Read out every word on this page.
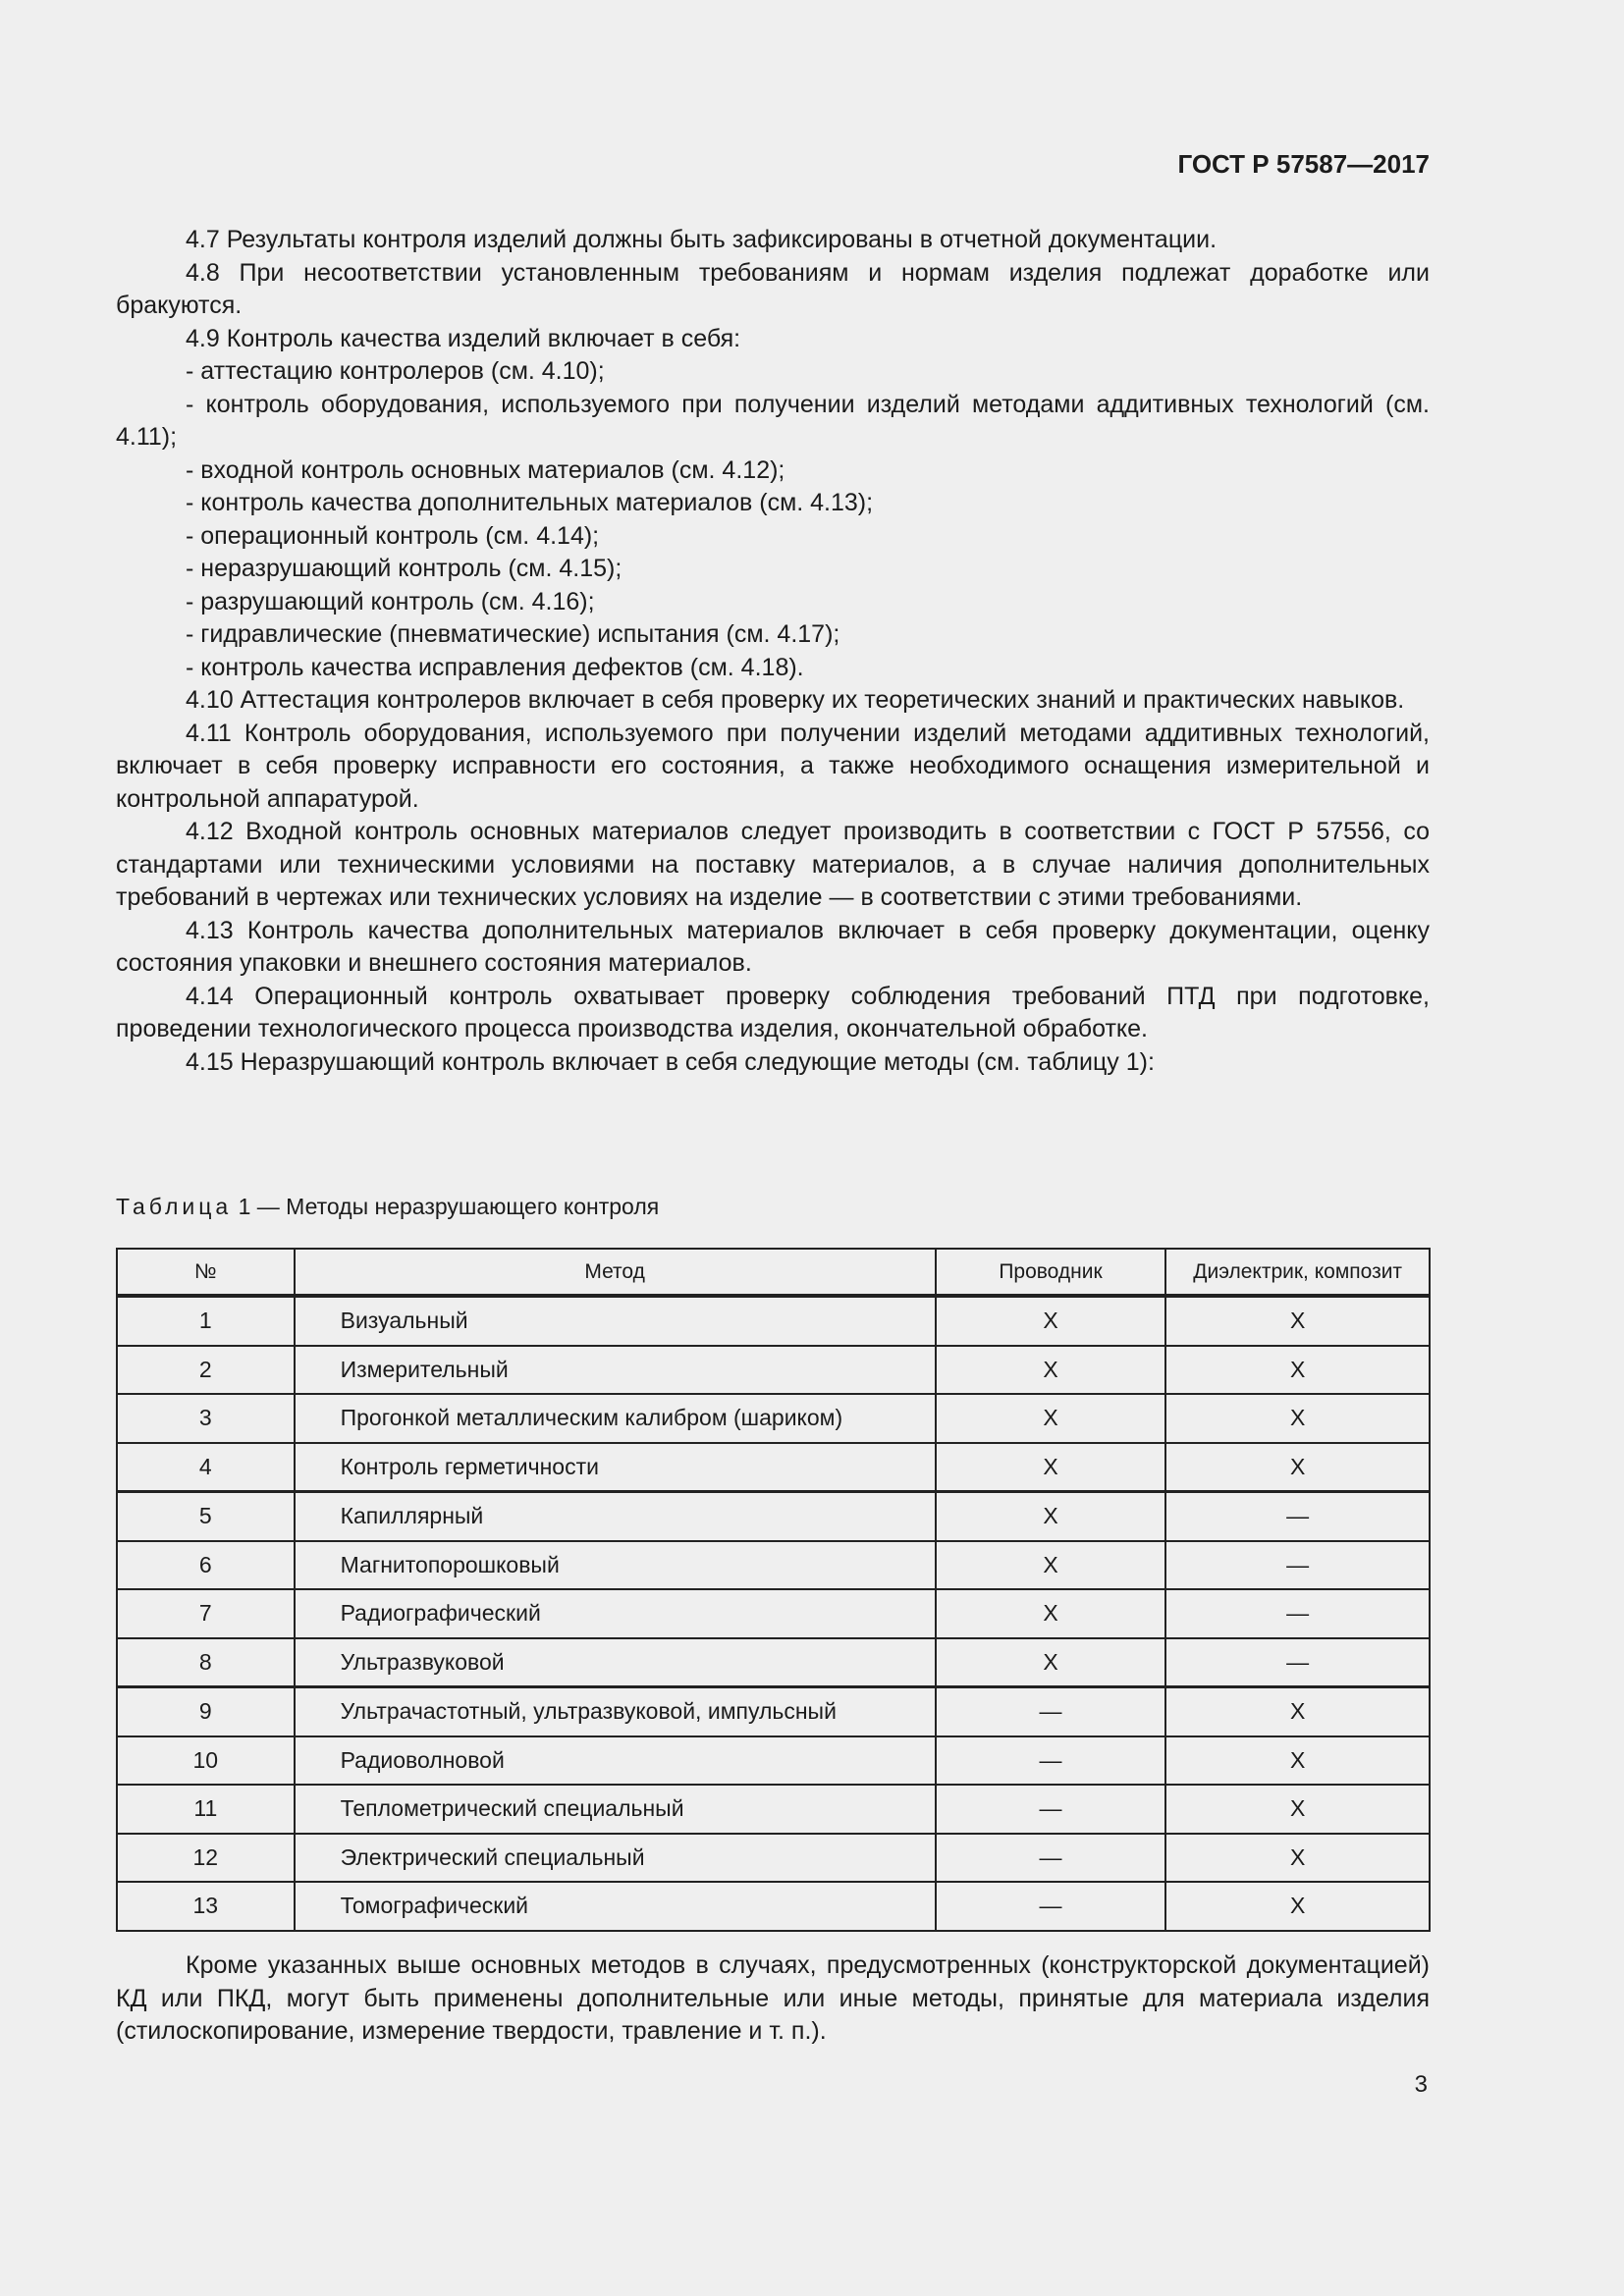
ГОСТ Р 57587—2017

4.7 Результаты контроля изделий должны быть зафиксированы в отчетной документации.

4.8 При несоответствии установленным требованиям и нормам изделия подлежат доработке или бракуются.

4.9 Контроль качества изделий включает в себя:

- аттестацию контролеров (см. 4.10);

- контроль оборудования, используемого при получении изделий методами аддитивных технологий (см. 4.11);

- входной контроль основных материалов (см. 4.12);

- контроль качества дополнительных материалов (см. 4.13);

- операционный контроль (см. 4.14);

- неразрушающий контроль (см. 4.15);

- разрушающий контроль (см. 4.16);

- гидравлические (пневматические) испытания (см. 4.17);

- контроль качества исправления дефектов (см. 4.18).

4.10 Аттестация контролеров включает в себя проверку их теоретических знаний и практических навыков.

4.11 Контроль оборудования, используемого при получении изделий методами аддитивных технологий, включает в себя проверку исправности его состояния, а также необходимого оснащения измерительной и контрольной аппаратурой.

4.12 Входной контроль основных материалов следует производить в соответствии с ГОСТ Р 57556, со стандартами или техническими условиями на поставку материалов, а в случае наличия дополнительных требований в чертежах или технических условиях на изделие — в соответствии с этими требованиями.

4.13 Контроль качества дополнительных материалов включает в себя проверку документации, оценку состояния упаковки и внешнего состояния материалов.

4.14 Операционный контроль охватывает проверку соблюдения требований ПТД при подготовке, проведении технологического процесса производства изделия, окончательной обработке.

4.15 Неразрушающий контроль включает в себя следующие методы (см. таблицу 1):

Таблица 1 — Методы неразрушающего контроля
№	Метод	Проводник	Диэлектрик, композит
1	Визуальный	Х	Х
2	Измерительный	Х	Х
3	Прогонкой металлическим калибром (шариком)	Х	Х
4	Контроль герметичности	Х	Х
5	Капиллярный	Х	—
6	Магнитопорошковый	Х	—
7	Радиографический	Х	—
8	Ультразвуковой	Х	—
9	Ультрачастотный, ультразвуковой, импульсный	—	Х
10	Радиоволновой	—	Х
11	Теплометрический специальный	—	Х
12	Электрический специальный	—	Х
13	Томографический	—	Х

Кроме указанных выше основных методов в случаях, предусмотренных (конструкторской документацией) КД или ПКД, могут быть применены дополнительные или иные методы, принятые для материала изделия (стилоскопирование, измерение твердости, травление и т. п.).

3
